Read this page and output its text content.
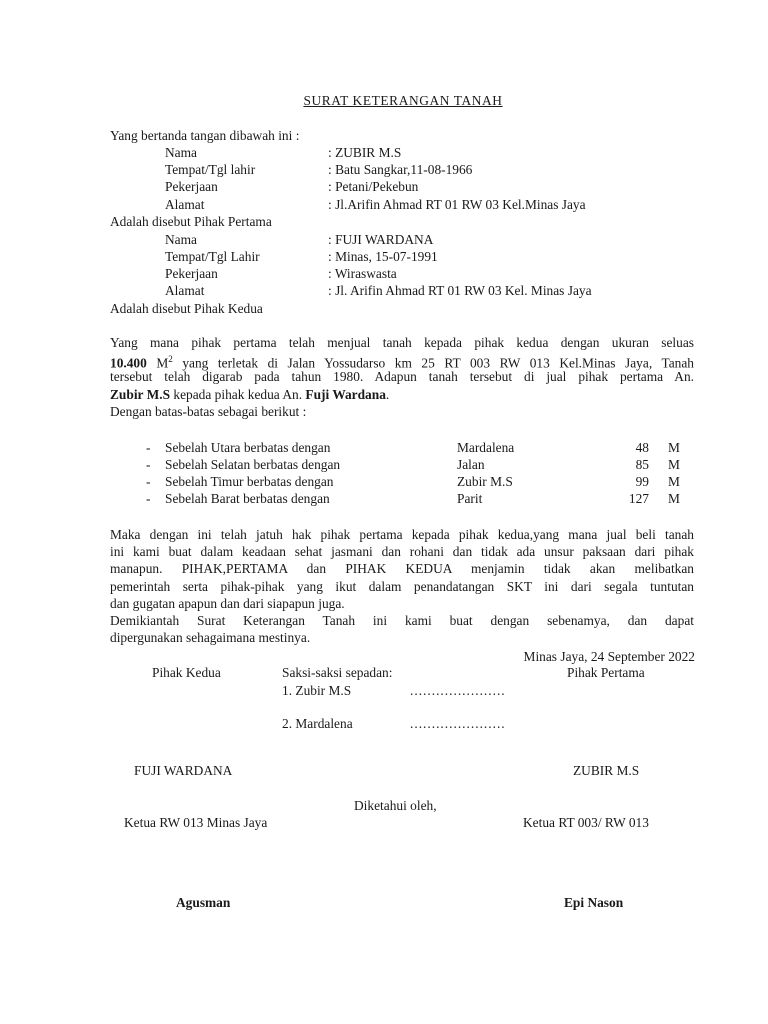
SURAT KETERANGAN TANAH
Yang bertanda tangan dibawah ini :
Nama	: ZUBIR M.S
Tempat/Tgl lahir	: Batu Sangkar,11-08-1966
Pekerjaan	: Petani/Pekebun
Alamat	: Jl.Arifin Ahmad RT 01 RW 03 Kel.Minas Jaya
Adalah disebut Pihak Pertama
Nama	: FUJI WARDANA
Tempat/Tgl Lahir	: Minas, 15-07-1991
Pekerjaan	: Wiraswasta
Alamat	: Jl. Arifin Ahmad RT 01 RW 03 Kel. Minas Jaya
Adalah disebut Pihak Kedua
Yang mana pihak pertama telah menjual tanah kepada pihak kedua dengan ukuran seluas
10.400 $M^2$ yang terletak di Jalan Yossudarso km 25 RT 003 RW 013 Kel.Minas Jaya, Tanah
tersebut telah digarab pada tahun 1980. Adapun tanah tersebut di jual pihak pertama An.
Zubir M.S kepada pihak kedua An. Fuji Wardana.
Dengan batas-batas sebagai berikut :
- Sebelah Utara berbatas dengan	Mardalena	48 M
- Sebelah Selatan berbatas dengan	Jalan	85 M
- Sebelah Timur berbatas dengan	Zubir M.S	99 M
- Sebelah Barat berbatas dengan	Parit	127 M
Maka dengan ini telah jatuh hak pihak pertama kepada pihak kedua,yang mana jual beli tanah
ini kami buat dalam keadaan sehat jasmani dan rohani dan tidak ada unsur paksaan dari pihak
manapun. PIHAK,PERTAMA dan PIHAK KEDUA menjamin tidak akan melibatkan
pemerintah serta pihak-pihak yang ikut dalam penandatangan SKT ini dari segala tuntutan
dan gugatan apapun dan dari siapapun juga.
Demikiantah Surat Keterangan Tanah ini kami buat dengan sebenamya, dan dapat
dipergunakan sehagaimana mestinya.
Minas Jaya, 24 September 2022
Pihak Kedua	Saksi-saksi sepadan:	Pihak Pertama
1. Zubir M.S	......................
2. Mardalena	......................
FUJI WARDANA	ZUBIR M.S
Diketahui oleh,
Ketua RW 013 Minas Jaya	Ketua RT 003/ RW 013
Agusman	Epi Nason
